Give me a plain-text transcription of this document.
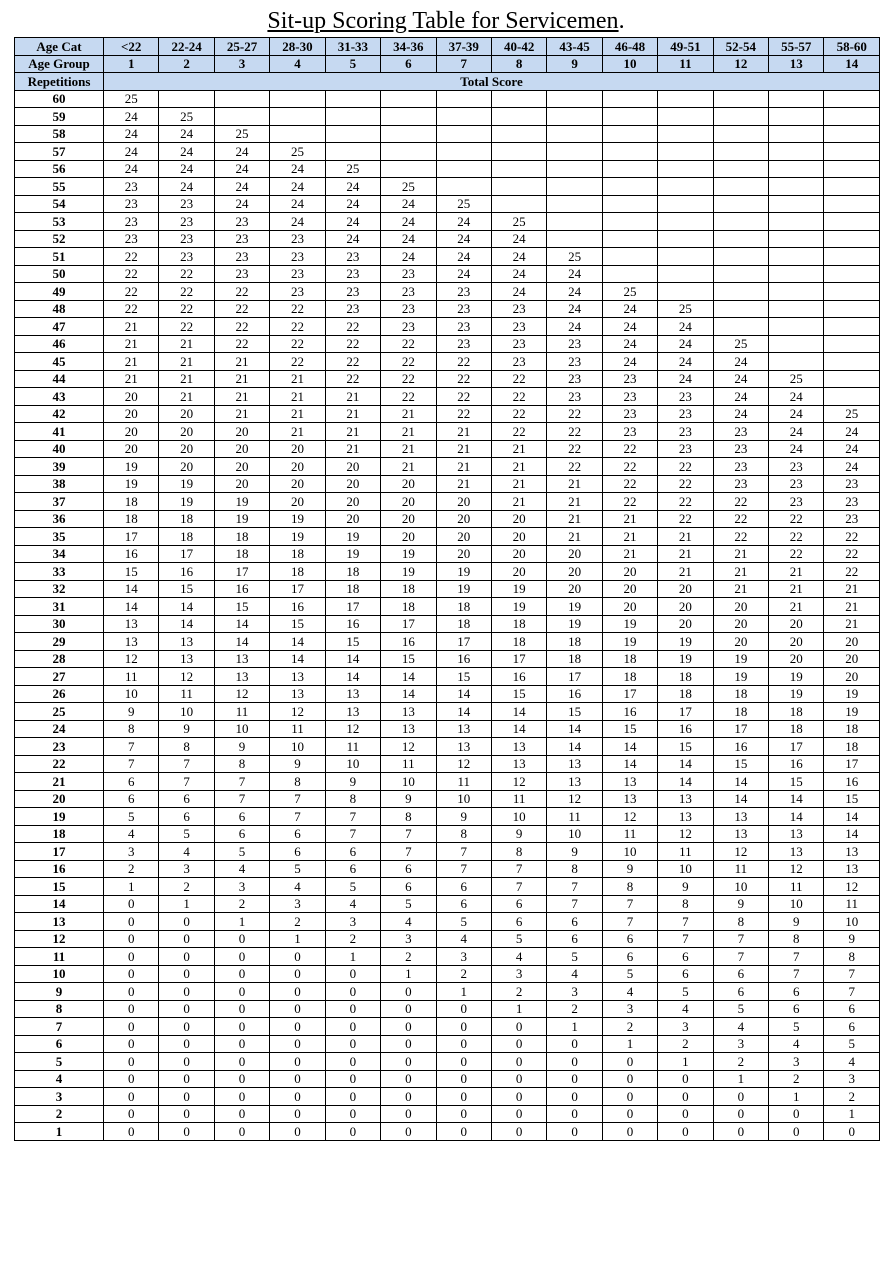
Sit-up Scoring Table for Servicemen.
Age Cat	<22	22-24	25-27	28-30	31-33	34-36	37-39	40-42	43-45	46-48	49-51	52-54	55-57	58-60
Age Group	1	2	3	4	5	6	7	8	9	10	11	12	13	14
Repetitions	Total Score													
60	25													
59	24	25												
58	24	24	25											
57	24	24	24	25										
56	24	24	24	24	25									
55	23	24	24	24	24	25								
54	23	23	24	24	24	24	25							
53	23	23	23	24	24	24	24	25						
52	23	23	23	23	24	24	24	24						
51	22	23	23	23	23	24	24	24	25					
50	22	22	23	23	23	23	24	24	24					
49	22	22	22	23	23	23	23	24	24	25				
48	22	22	22	22	23	23	23	23	24	24	25			
47	21	22	22	22	22	23	23	23	24	24	24			
46	21	21	22	22	22	22	23	23	23	24	24	25		
45	21	21	21	22	22	22	22	23	23	24	24	24		
44	21	21	21	21	22	22	22	22	23	23	24	24	25	
43	20	21	21	21	21	22	22	22	23	23	23	24	24	
42	20	20	21	21	21	21	22	22	22	23	23	24	24	25
41	20	20	20	21	21	21	21	22	22	23	23	23	24	24
40	20	20	20	20	21	21	21	21	22	22	23	23	24	24
39	19	20	20	20	20	21	21	21	22	22	22	23	23	24
38	19	19	20	20	20	20	21	21	21	22	22	23	23	23
37	18	19	19	20	20	20	20	21	21	22	22	22	23	23
36	18	18	19	19	20	20	20	20	21	21	22	22	22	23
35	17	18	18	19	19	20	20	20	21	21	21	22	22	22
34	16	17	18	18	19	19	20	20	20	21	21	21	22	22
33	15	16	17	18	18	19	19	20	20	20	21	21	21	22
32	14	15	16	17	18	18	19	19	20	20	20	21	21	21
31	14	14	15	16	17	18	18	19	19	20	20	20	21	21
30	13	14	14	15	16	17	18	18	19	19	20	20	20	21
29	13	13	14	14	15	16	17	18	18	19	19	20	20	20
28	12	13	13	14	14	15	16	17	18	18	19	19	20	20
27	11	12	13	13	14	14	15	16	17	18	18	19	19	20
26	10	11	12	13	13	14	14	15	16	17	18	18	19	19
25	9	10	11	12	13	13	14	14	15	16	17	18	18	19
24	8	9	10	11	12	13	13	14	14	15	16	17	18	18
23	7	8	9	10	11	12	13	13	14	14	15	16	17	18
22	7	7	8	9	10	11	12	13	13	14	14	15	16	17
21	6	7	7	8	9	10	11	12	13	13	14	14	15	16
20	6	6	7	7	8	9	10	11	12	13	13	14	14	15
19	5	6	6	7	7	8	9	10	11	12	13	13	14	14
18	4	5	6	6	7	7	8	9	10	11	12	13	13	14
17	3	4	5	6	6	7	7	8	9	10	11	12	13	13
16	2	3	4	5	6	6	7	7	8	9	10	11	12	13
15	1	2	3	4	5	6	6	7	7	8	9	10	11	12
14	0	1	2	3	4	5	6	6	7	7	8	9	10	11
13	0	0	1	2	3	4	5	6	6	7	7	8	9	10
12	0	0	0	1	2	3	4	5	6	6	7	7	8	9
11	0	0	0	0	1	2	3	4	5	6	6	7	7	8
10	0	0	0	0	0	1	2	3	4	5	6	6	7	7
9	0	0	0	0	0	0	1	2	3	4	5	6	6	7
8	0	0	0	0	0	0	0	1	2	3	4	5	6	6
7	0	0	0	0	0	0	0	0	1	2	3	4	5	6
6	0	0	0	0	0	0	0	0	0	1	2	3	4	5
5	0	0	0	0	0	0	0	0	0	0	1	2	3	4
4	0	0	0	0	0	0	0	0	0	0	0	1	2	3
3	0	0	0	0	0	0	0	0	0	0	0	0	1	2
2	0	0	0	0	0	0	0	0	0	0	0	0	0	1
1	0	0	0	0	0	0	0	0	0	0	0	0	0	0
